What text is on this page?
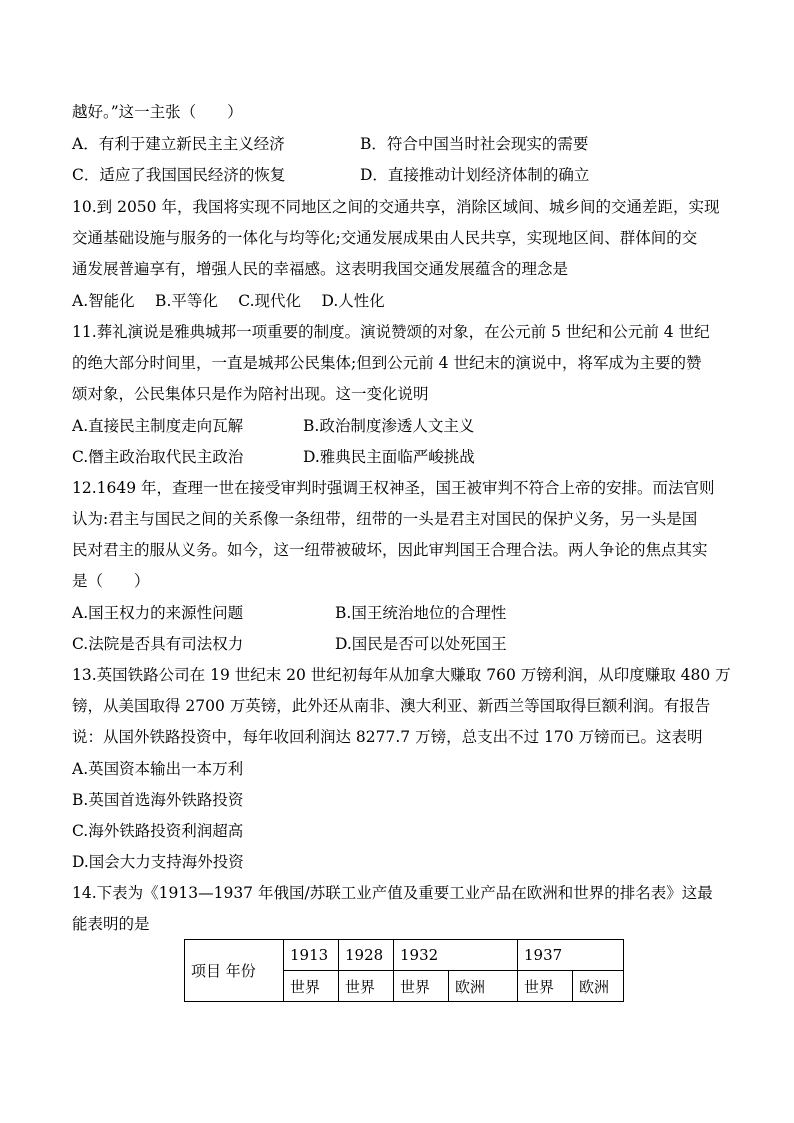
越好。”这一主张（　　）
A．有利于建立新民主主义经济	B．符合中国当时社会现实的需要
C．适应了我国国民经济的恢复	D．直接推动计划经济体制的确立
10.到 2050 年，我国将实现不同地区之间的交通共享，消除区域间、城乡间的交通差距，实现
交通基础设施与服务的一体化与均等化;交通发展成果由人民共享，实现地区间、群体间的交
通发展普遍享有，增强人民的幸福感。这表明我国交通发展蕴含的理念是
A.智能化　 B.平等化　 C.现代化　 D.人性化
11.葬礼演说是雅典城邦一项重要的制度。演说赞颂的对象，在公元前 5 世纪和公元前 4 世纪
的绝大部分时间里，一直是城邦公民集体;但到公元前 4 世纪末的演说中，将军成为主要的赞
颂对象，公民集体只是作为陪衬出现。这一变化说明
A.直接民主制度走向瓦解	B.政治制度渗透人文主义
C.僭主政治取代民主政治	D.雅典民主面临严峻挑战
12.1649 年，查理一世在接受审判时强调王权神圣，国王被审判不符合上帝的安排。而法官则
认为:君主与国民之间的关系像一条纽带，纽带的一头是君主对国民的保护义务，另一头是国
民对君主的服从义务。如今，这一纽带被破坏，因此审判国王合理合法。两人争论的焦点其实
是（　　）
A.国王权力的来源性问题	B.国王统治地位的合理性
C.法院是否具有司法权力	D.国民是否可以处死国王
13.英国铁路公司在 19 世纪末 20 世纪初每年从加拿大赚取 760 万镑利润，从印度赚取 480 万
镑，从美国取得 2700 万英镑，此外还从南非、澳大利亚、新西兰等国取得巨额利润。有报告
说：从国外铁路投资中，每年收回利润达 8277.7 万镑，总支出不过 170 万镑而已。这表明
A.英国资本输出一本万利
B.英国首选海外铁路投资
C.海外铁路投资利润超高
D.国会大力支持海外投资
14.下表为《1913—1937 年俄国/苏联工业产值及重要工业产品在欧洲和世界的排名表》这最
能表明的是
项目 年份	1913	1928	1932		1937	
	世界	世界	世界	欧洲	世界	欧洲
